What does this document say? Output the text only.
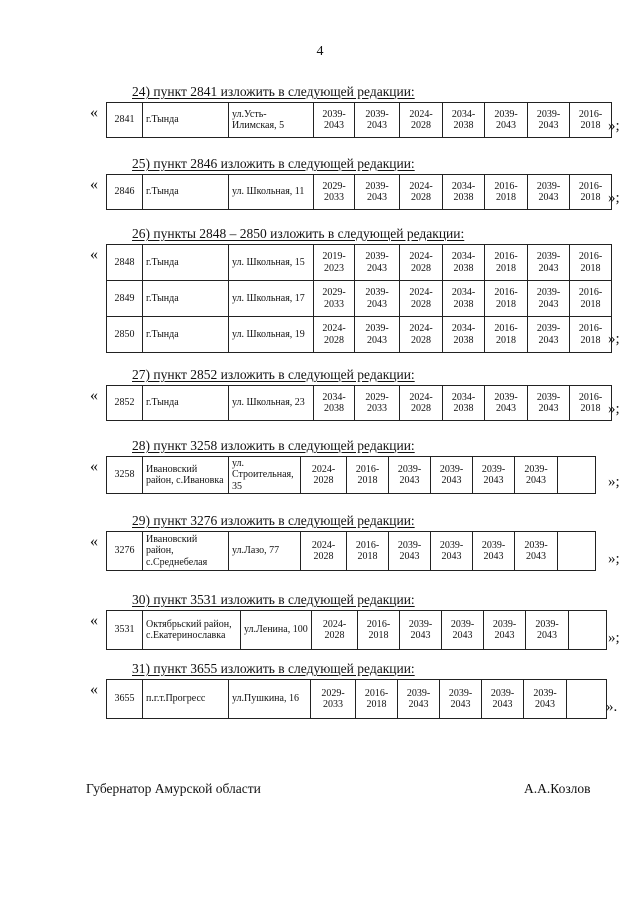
4
24) пункт 2841 изложить в следующей редакции:
« 2841	г.Тында	ул.Усть-Илимская, 5	2039-2043	2039-2043	2024-2028	2034-2038	2039-2043	2039-2043	2016-2018 »;
25) пункт 2846 изложить в следующей редакции:
« 2846	г.Тында	ул. Школьная, 11	2029-2033	2039-2043	2024-2028	2034-2038	2016-2018	2039-2043	2016-2018 »;
26) пункты 2848 – 2850 изложить в следующей редакции:
« 2848	г.Тында	ул. Школьная, 15	2019-2023	2039-2043	2024-2028	2034-2038	2016-2018	2039-2043	2016-2018
2849	г.Тында	ул. Школьная, 17	2029-2033	2039-2043	2024-2028	2034-2038	2016-2018	2039-2043	2016-2018
2850	г.Тында	ул. Школьная, 19	2024-2028	2039-2043	2024-2028	2034-2038	2016-2018	2039-2043	2016-2018 »;
27) пункт 2852 изложить в следующей редакции:
« 2852	г.Тында	ул. Школьная, 23	2034-2038	2029-2033	2024-2028	2034-2038	2039-2043	2039-2043	2016-2018 »;
28) пункт 3258 изложить в следующей редакции:
« 3258	Ивановский район, с.Ивановка	ул. Строительная, 35	2024-2028	2016-2018	2039-2043	2039-2043	2039-2043	2039-2043		»;
29) пункт 3276 изложить в следующей редакции:
«
3276	Ивановский район, с.Среднебелая	ул.Лазо, 77	2024-2028	2016-2018	2039-2043	2039-2043	2039-2043	2039-2043		»;
30) пункт 3531 изложить в следующей редакции:
«
3531	Октябрьский район, с.Екатеринославка	ул.Ленина, 100	2024-2028	2016-2018	2039-2043	2039-2043	2039-2043	2039-2043		»;
31) пункт 3655 изложить в следующей редакции:
«
3655	п.г.т.Прогресс	ул.Пушкина, 16	2029-2033	2016-2018	2039-2043	2039-2043	2039-2043	2039-2043		».
Губернатор Амурской области	А.А.Козлов
